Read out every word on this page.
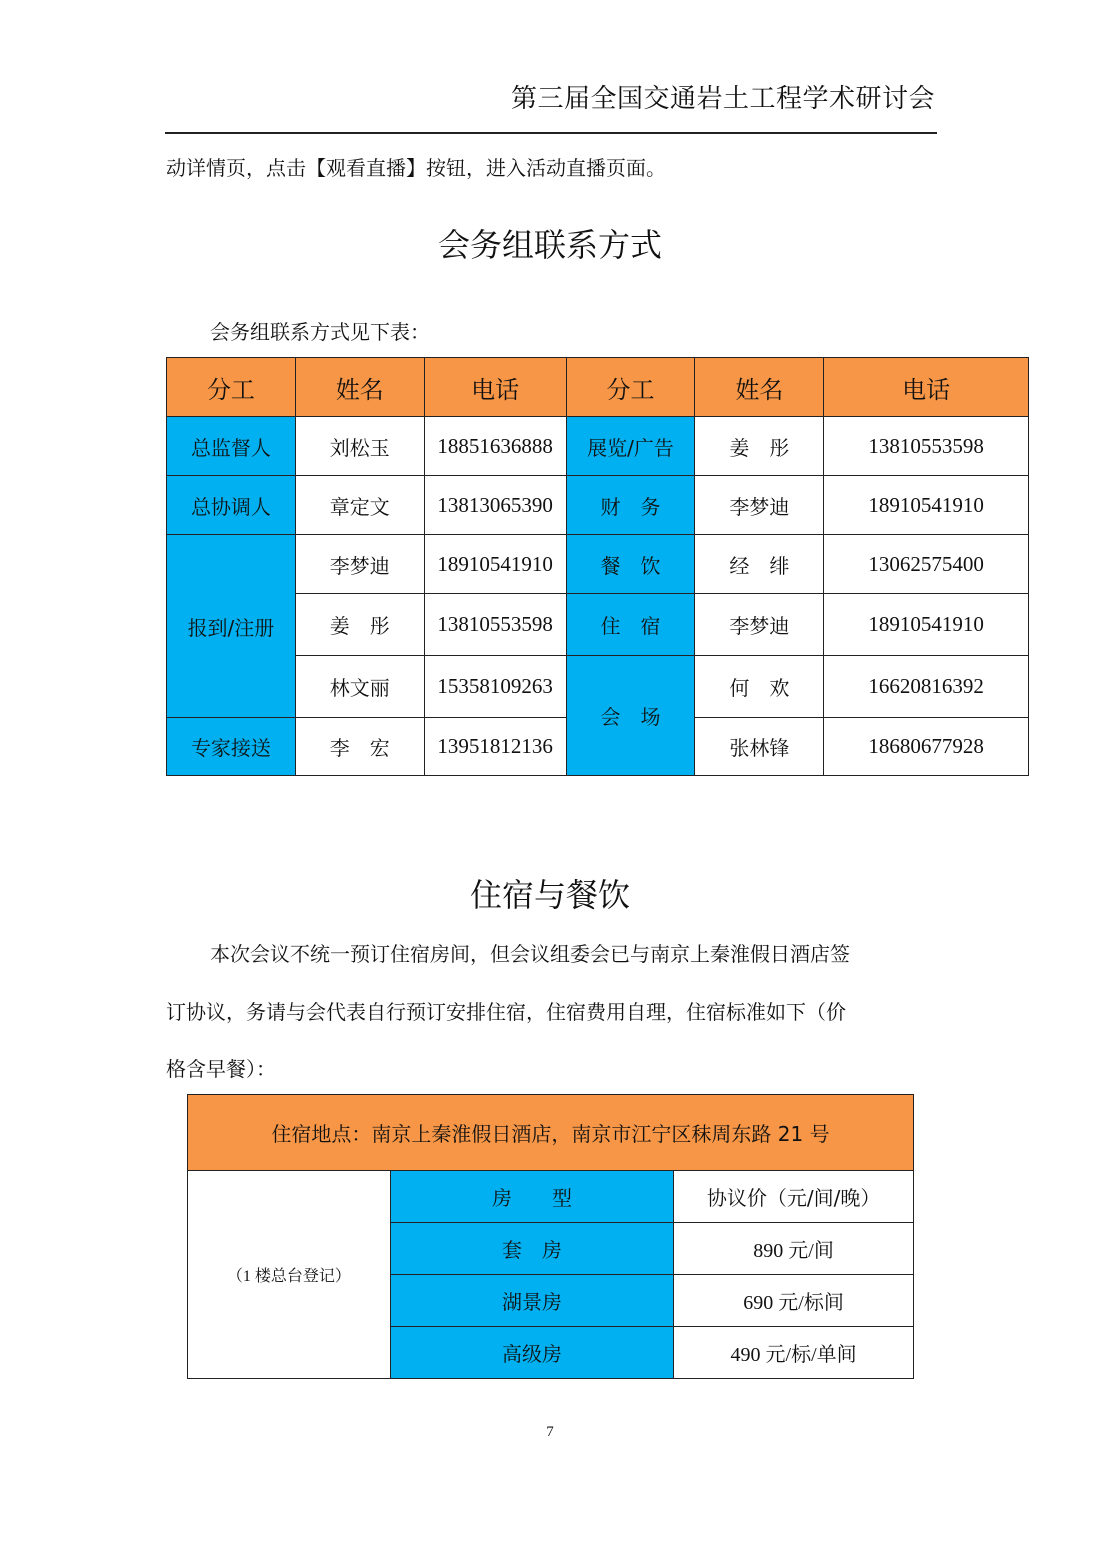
第三届全国交通岩土工程学术研讨会
动详情页，点击【观看直播】按钮，进入活动直播页面。
会务组联系方式
会务组联系方式见下表：
分工	姓名	电话	分工	姓名	电话
总监督人	刘松玉	18851636888	展览/广告	姜　彤	13810553598
总协调人	章定文	13813065390	财　务	李梦迪	18910541910
报到/注册	李梦迪	18910541910	餐　饮	经　绯	13062575400
	姜　彤	13810553598	住　宿	李梦迪	18910541910
	林文丽	15358109263	会　场	何　欢	16620816392
专家接送	李　宏	13951812136		张林锋	18680677928
住宿与餐饮
本次会议不统一预订住宿房间，但会议组委会已与南京上秦淮假日酒店签
订协议，务请与会代表自行预订安排住宿，住宿费用自理，住宿标准如下（价
格含早餐）：
住宿地点：南京上秦淮假日酒店，南京市江宁区秣周东路 21 号		
（1 楼总台登记）	房　　型	协议价（元/间/晚）
	套　房	890 元/间
	湖景房	690 元/标间
	高级房	490 元/标/单间
7
